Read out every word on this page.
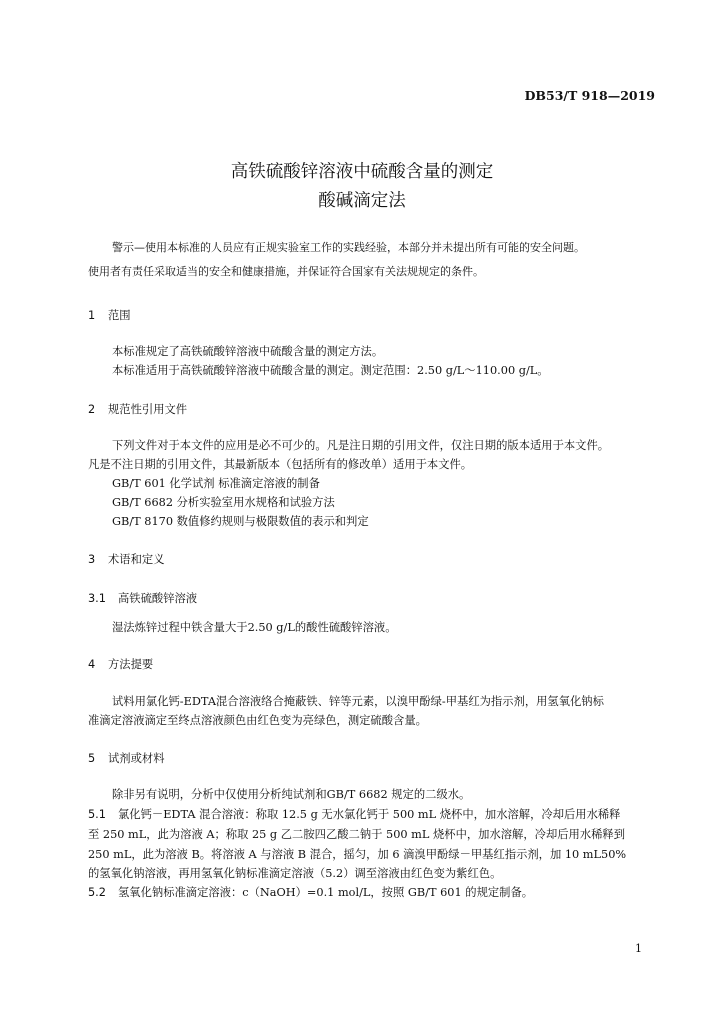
DB53/T 918—2019
高铁硫酸锌溶液中硫酸含量的测定
酸碱滴定法
警示—使用本标准的人员应有正规实验室工作的实践经验，本部分并未提出所有可能的安全问题。
使用者有责任采取适当的安全和健康措施，并保证符合国家有关法规规定的条件。
1 范围
本标准规定了高铁硫酸锌溶液中硫酸含量的测定方法。
本标准适用于高铁硫酸锌溶液中硫酸含量的测定。测定范围：2.50 g/L～110.00 g/L。
2 规范性引用文件
下列文件对于本文件的应用是必不可少的。凡是注日期的引用文件，仅注日期的版本适用于本文件。
凡是不注日期的引用文件，其最新版本（包括所有的修改单）适用于本文件。
GB/T 601 化学试剂 标准滴定溶液的制备
GB/T 6682 分析实验室用水规格和试验方法
GB/T 8170 数值修约规则与极限数值的表示和判定
3 术语和定义
3.1 高铁硫酸锌溶液
湿法炼锌过程中铁含量大于2.50 g/L的酸性硫酸锌溶液。
4 方法提要
试料用氯化钙-EDTA混合溶液络合掩蔽铁、锌等元素，以溴甲酚绿-甲基红为指示剂，用氢氧化钠标
准滴定溶液滴定至终点溶液颜色由红色变为亮绿色，测定硫酸含量。
5 试剂或材料
除非另有说明，分析中仅使用分析纯试剂和GB/T 6682 规定的二级水。
5.1 氯化钙－EDTA 混合溶液：称取 12.5 g 无水氯化钙于 500 mL 烧杯中，加水溶解，冷却后用水稀释
至 250 mL，此为溶液 A；称取 25 g 乙二胺四乙酸二钠于 500 mL 烧杯中，加水溶解，冷却后用水稀释到
250 mL，此为溶液 B。将溶液 A 与溶液 B 混合，摇匀，加 6 滴溴甲酚绿－甲基红指示剂，加 10 mL50%
的氢氧化钠溶液，再用氢氧化钠标准滴定溶液（5.2）调至溶液由红色变为紫红色。
5.2 氢氧化钠标准滴定溶液：c（NaOH）=0.1 mol/L，按照 GB/T 601 的规定制备。
1
